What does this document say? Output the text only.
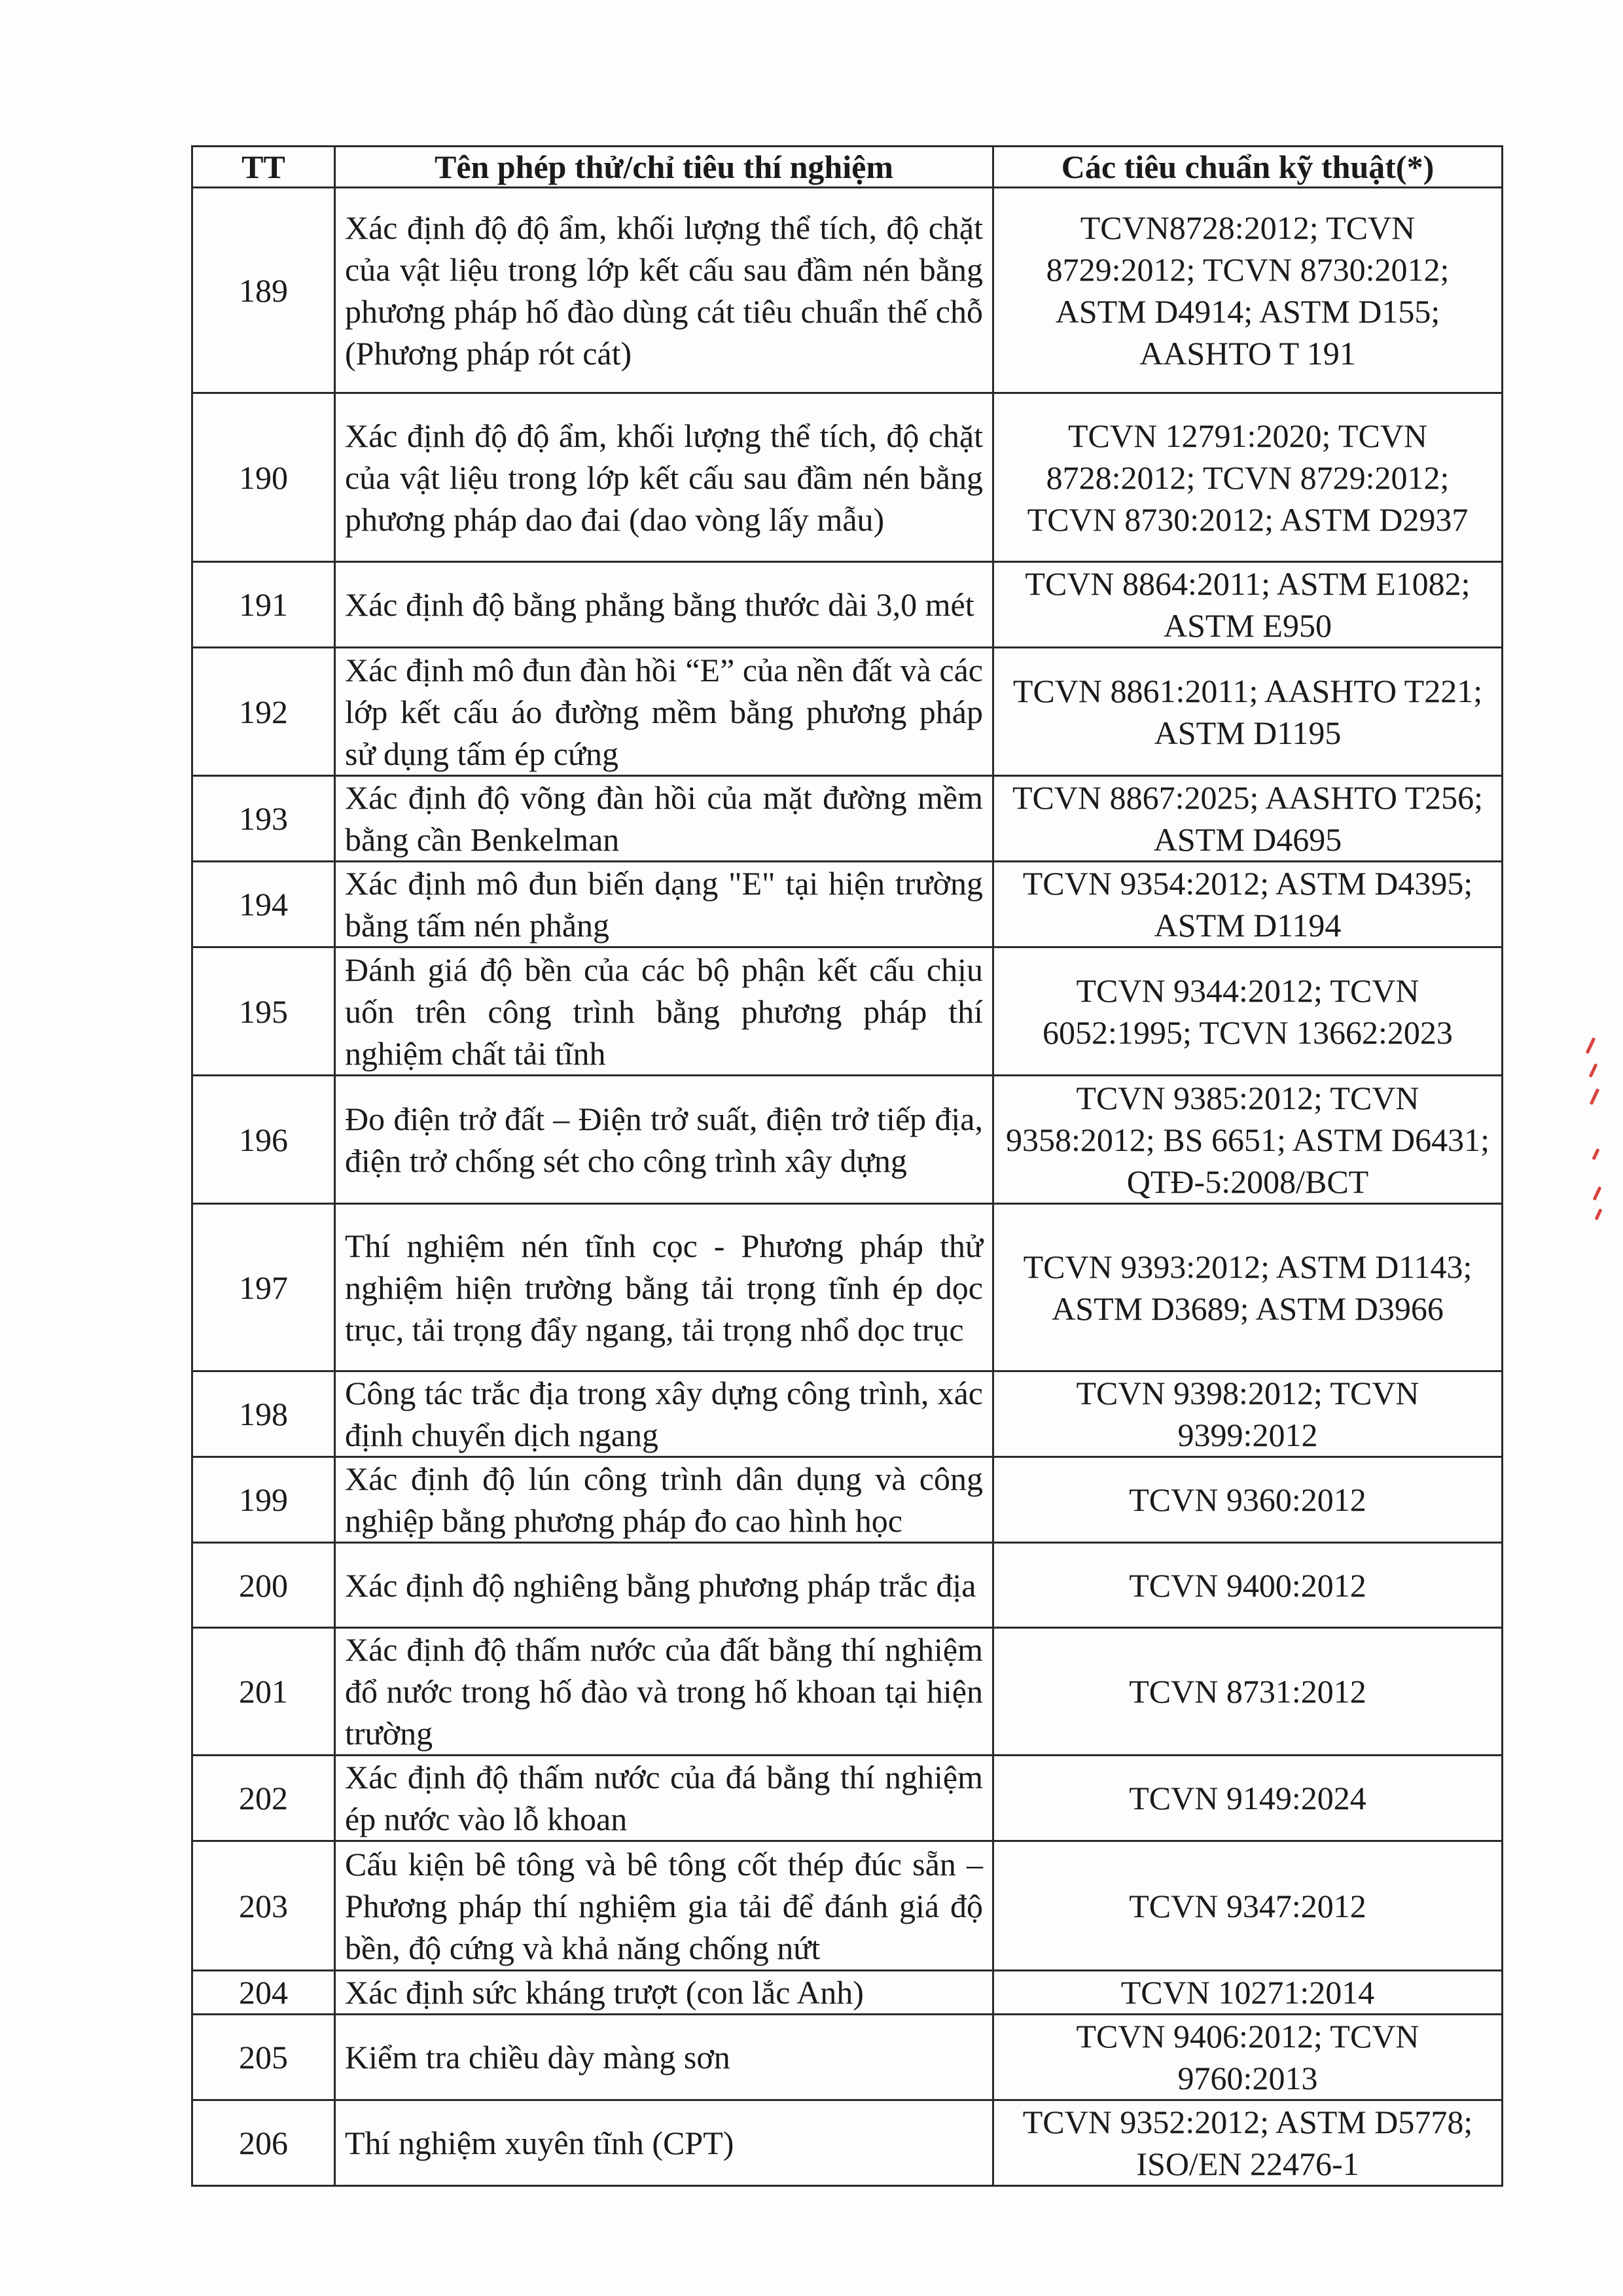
TT	Tên phép thử/chỉ tiêu thí nghiệm	Các tiêu chuẩn kỹ thuật(*)
189	Xác định độ độ ẩm, khối lượng thể tích, độ chặt của vật liệu trong lớp kết cấu sau đầm nén bằng phương pháp hố đào dùng cát tiêu chuẩn thế chỗ (Phương pháp rót cát)	TCVN8728:2012; TCVN 8729:2012; TCVN 8730:2012; ASTM D4914; ASTM D155; AASHTO T 191
190	Xác định độ độ ẩm, khối lượng thể tích, độ chặt của vật liệu trong lớp kết cấu sau đầm nén bằng phương pháp dao đai (dao vòng lấy mẫu)	TCVN 12791:2020; TCVN 8728:2012; TCVN 8729:2012; TCVN 8730:2012; ASTM D2937
191	Xác định độ bằng phẳng bằng thước dài 3,0 mét	TCVN 8864:2011; ASTM E1082; ASTM E950
192	Xác định mô đun đàn hồi “E” của nền đất và các lớp kết cấu áo đường mềm bằng phương pháp sử dụng tấm ép cứng	TCVN 8861:2011; AASHTO T221; ASTM D1195
193	Xác định độ võng đàn hồi của mặt đường mềm bằng cần Benkelman	TCVN 8867:2025; AASHTO T256; ASTM D4695
194	Xác định mô đun biến dạng "E" tại hiện trường bằng tấm nén phẳng	TCVN 9354:2012; ASTM D4395; ASTM D1194
195	Đánh giá độ bền của các bộ phận kết cấu chịu uốn trên công trình bằng phương pháp thí nghiệm chất tải tĩnh	TCVN 9344:2012; TCVN 6052:1995; TCVN 13662:2023
196	Đo điện trở đất – Điện trở suất, điện trở tiếp địa, điện trở chống sét cho công trình xây dựng	TCVN 9385:2012; TCVN 9358:2012; BS 6651; ASTM D6431; QTĐ-5:2008/BCT
197	Thí nghiệm nén tĩnh cọc - Phương pháp thử nghiệm hiện trường bằng tải trọng tĩnh ép dọc trục, tải trọng đẩy ngang, tải trọng nhổ dọc trục	TCVN 9393:2012; ASTM D1143; ASTM D3689; ASTM D3966
198	Công tác trắc địa trong xây dựng công trình, xác định chuyển dịch ngang	TCVN 9398:2012; TCVN 9399:2012
199	Xác định độ lún công trình dân dụng và công nghiệp bằng phương pháp đo cao hình học	TCVN 9360:2012
200	Xác định độ nghiêng bằng phương pháp trắc địa	TCVN 9400:2012
201	Xác định độ thấm nước của đất bằng thí nghiệm đổ nước trong hố đào và trong hố khoan tại hiện trường	TCVN 8731:2012
202	Xác định độ thấm nước của đá bằng thí nghiệm ép nước vào lỗ khoan	TCVN 9149:2024
203	Cấu kiện bê tông và bê tông cốt thép đúc sẵn – Phương pháp thí nghiệm gia tải để đánh giá độ bền, độ cứng và khả năng chống nứt	TCVN 9347:2012
204	Xác định sức kháng trượt (con lắc Anh)	TCVN 10271:2014
205	Kiểm tra chiều dày màng sơn	TCVN 9406:2012; TCVN 9760:2013
206	Thí nghiệm xuyên tĩnh (CPT)	TCVN 9352:2012; ASTM D5778; ISO/EN 22476-1
